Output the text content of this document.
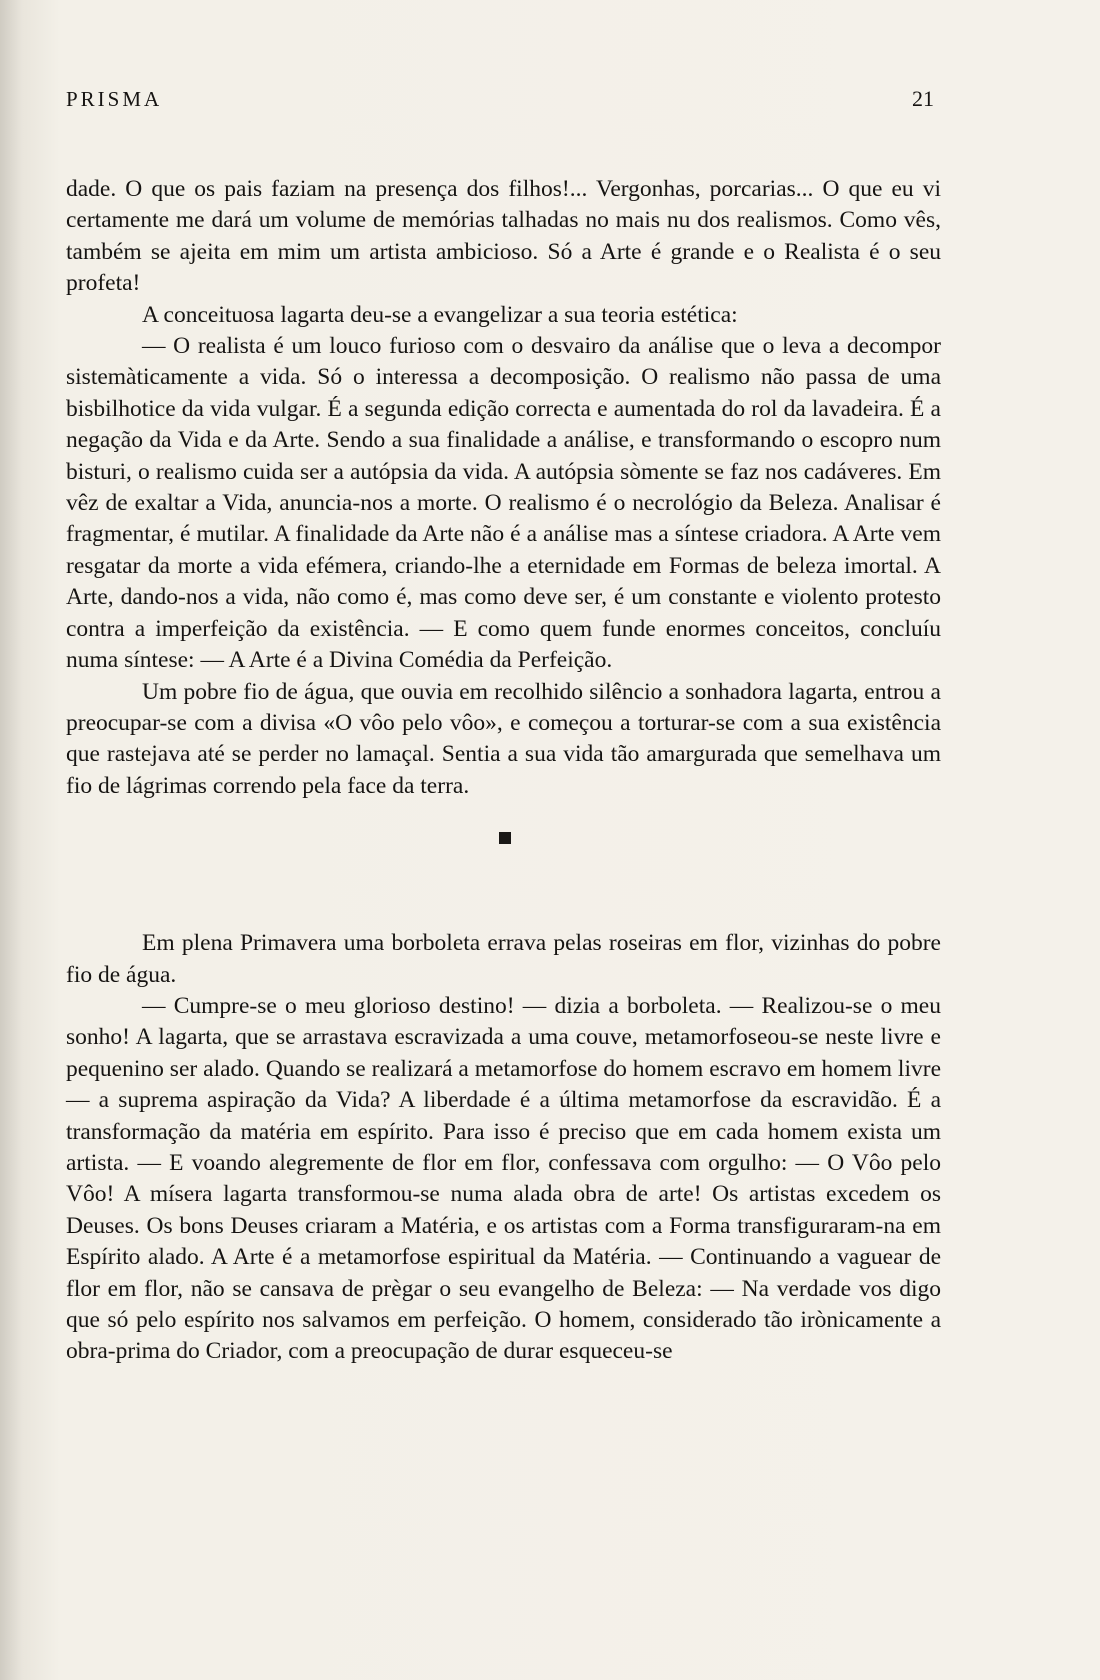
PRISMA	21

dade. O que os pais faziam na presença dos filhos!... Vergonhas, porcarias... O que eu vi certamente me dará um volume de memórias talhadas no mais nu dos realismos. Como vês, também se ajeita em mim um artista ambicioso. Só a Arte é grande e o Realista é o seu profeta!

A conceituosa lagarta deu-se a evangelizar a sua teoria estética:

— O realista é um louco furioso com o desvairo da análise que o leva a decompor sistemàticamente a vida. Só o interessa a decomposição. O realismo não passa de uma bisbilhotice da vida vulgar. É a segunda edição correcta e aumentada do rol da lavadeira. É a negação da Vida e da Arte. Sendo a sua finalidade a análise, e transformando o escopro num bisturi, o realismo cuida ser a autópsia da vida. A autópsia sòmente se faz nos cadáveres. Em vêz de exaltar a Vida, anuncia-nos a morte. O realismo é o necrológio da Beleza. Analisar é fragmentar, é mutilar. A finalidade da Arte não é a análise mas a síntese criadora. A Arte vem resgatar da morte a vida efémera, criando-lhe a eternidade em Formas de beleza imortal. A Arte, dando-nos a vida, não como é, mas como deve ser, é um constante e violento protesto contra a imperfeição da existência. — E como quem funde enormes conceitos, concluíu numa síntese: — A Arte é a Divina Comédia da Perfeição.

Um pobre fio de água, que ouvia em recolhido silêncio a sonhadora lagarta, entrou a preocupar-se com a divisa «O vôo pelo vôo», e começou a torturar-se com a sua existência que rastejava até se perder no lamaçal. Sentia a sua vida tão amargurada que semelhava um fio de lágrimas correndo pela face da terra.

Em plena Primavera uma borboleta errava pelas roseiras em flor, vizinhas do pobre fio de água.

— Cumpre-se o meu glorioso destino! — dizia a borboleta. — Realizou-se o meu sonho! A lagarta, que se arrastava escravizada a uma couve, metamorfoseou-se neste livre e pequenino ser alado. Quando se realizará a metamorfose do homem escravo em homem livre — a suprema aspiração da Vida? A liberdade é a última metamorfose da escravidão. É a transformação da matéria em espírito. Para isso é preciso que em cada homem exista um artista. — E voando alegremente de flor em flor, confessava com orgulho: — O Vôo pelo Vôo! A mísera lagarta transformou-se numa alada obra de arte! Os artistas excedem os Deuses. Os bons Deuses criaram a Matéria, e os artistas com a Forma transfiguraram-na em Espírito alado. A Arte é a metamorfose espiritual da Matéria. — Continuando a vaguear de flor em flor, não se cansava de prègar o seu evangelho de Beleza: — Na verdade vos digo que só pelo espírito nos salvamos em perfeição. O homem, considerado tão irònicamente a obra-prima do Criador, com a preocupação de durar esqueceu-se
